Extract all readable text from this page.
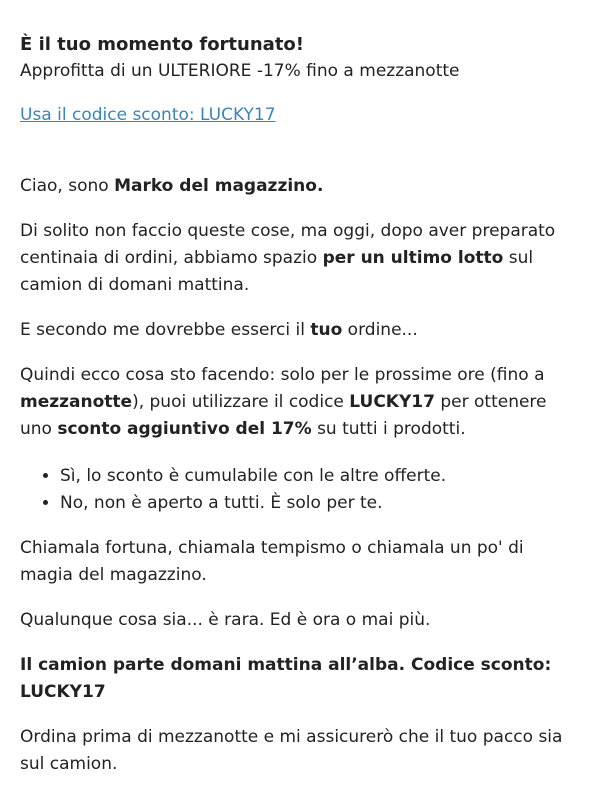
È il tuo momento fortunato!
Approfitta di un ULTERIORE -17% fino a mezzanotte
Usa il codice sconto: LUCKY17

Ciao, sono Marko del magazzino.

Di solito non faccio queste cose, ma oggi, dopo aver preparato centinaia di ordini, abbiamo spazio per un ultimo lotto sul camion di domani mattina.

E secondo me dovrebbe esserci il tuo ordine...

Quindi ecco cosa sto facendo: solo per le prossime ore (fino a mezzanotte), puoi utilizzare il codice LUCKY17 per ottenere uno sconto aggiuntivo del 17% su tutti i prodotti.

• Sì, lo sconto è cumulabile con le altre offerte.
• No, non è aperto a tutti. È solo per te.

Chiamala fortuna, chiamala tempismo o chiamala un po' di magia del magazzino.

Qualunque cosa sia... è rara. Ed è ora o mai più.

Il camion parte domani mattina all’alba. Codice sconto: LUCKY17

Ordina prima di mezzanotte e mi assicurerò che il tuo pacco sia sul camion.
